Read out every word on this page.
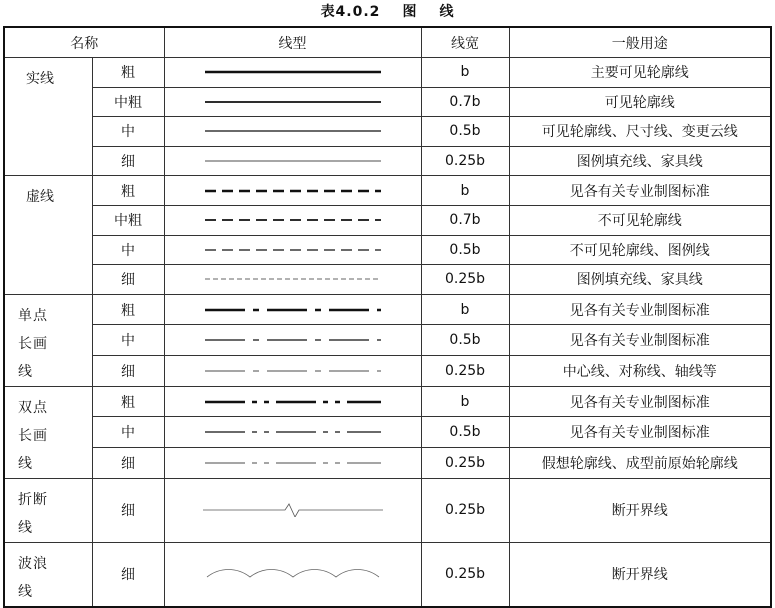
表4.0.2 图 线
名称		线型	线宽	一般用途
实线	粗		b	主要可见轮廓线
	中粗		0.7b	可见轮廓线
	中		0.5b	可见轮廓线、尺寸线、变更云线
	细		0.25b	图例填充线、家具线
虚线	粗		b	见各有关专业制图标准
	中粗		0.7b	不可见轮廓线
	中		0.5b	不可见轮廓线、图例线
	细		0.25b	图例填充线、家具线
单点长画线	粗		b	见各有关专业制图标准
	中		0.5b	见各有关专业制图标准
	细		0.25b	中心线、对称线、轴线等
双点长画线	粗		b	见各有关专业制图标准
	中		0.5b	见各有关专业制图标准
	细		0.25b	假想轮廓线、成型前原始轮廓线
折断线	细		0.25b	断开界线
波浪线	细		0.25b	断开界线
